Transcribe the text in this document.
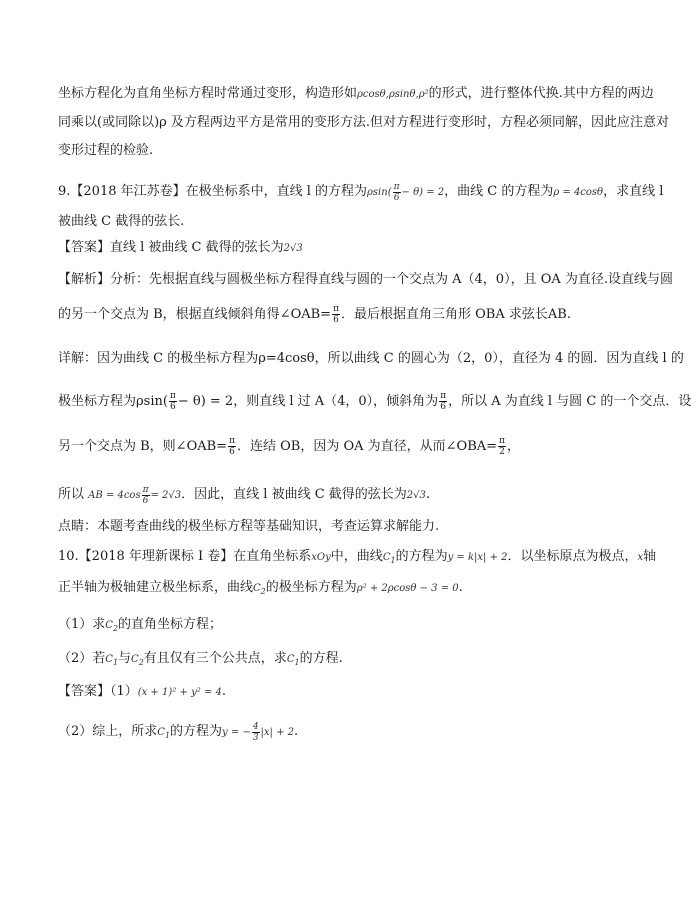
坐标方程化为直角坐标方程时常通过变形，构造形如ρcosθ,ρsinθ,ρ²的形式，进行整体代换.其中方程的两边
同乘以(或同除以)ρ 及方程两边平方是常用的变形方法.但对方程进行变形时，方程必须同解，因此应注意对
变形过程的检验.
9.【2018 年江苏卷】在极坐标系中，直线 l 的方程为$\rho\sin( \frac{\pi}{6} - \theta) = 2$，曲线 C 的方程为ρ = 4cosθ，求直线 l
被曲线 C 截得的弦长.
【答案】直线 l 被曲线 C 截得的弦长为2√3
【解析】分析：先根据直线与圆极坐标方程得直线与圆的一个交点为 A（4，0），且 OA 为直径.设直线与圆
的另一个交点为 B，根据直线倾斜角得∠OAB= $\frac{\pi}{6}$ ．最后根据直角三角形 OBA 求弦长AB.
详解：因为曲线 C 的极坐标方程为ρ=4cosθ，所以曲线 C 的圆心为（2，0），直径为 4 的圆．因为直线 l 的
极坐标方程为$\rho\sin( \frac{\pi}{6} - \theta) = 2$，则直线 l 过 A（4，0），倾斜角为 $\frac{\pi}{6}$ ，所以 A 为直线 l 与圆 C 的一个交点．设
另一个交点为 B，则∠OAB= $\frac{\pi}{6}$ ．连结 OB，因为 OA 为直径，从而∠OBA= $\frac{\pi}{2}$ ，
所以 AB = $4\cos \frac{\pi}{6} = 2√3$．因此，直线 l 被曲线 C 截得的弦长为2√3.
点睛：本题考查曲线的极坐标方程等基础知识，考查运算求解能力.
10.【2018 年理新课标 I 卷】在直角坐标系xOy中，曲线$C_1$的方程为y = k|x| + 2．以坐标原点为极点，x轴
正半轴为极轴建立极坐标系，曲线$C_2$的极坐标方程为ρ² + 2ρcosθ − 3 = 0.
（1）求$C_2$的直角坐标方程；
（2）若$C_1$与$C_2$有且仅有三个公共点，求$C_1$的方程.
【答案】（1）(x + 1)² + y² = 4.
（2）综上，所求$C_1$的方程为y = − $\frac{4}{3} |x| + 2$.
